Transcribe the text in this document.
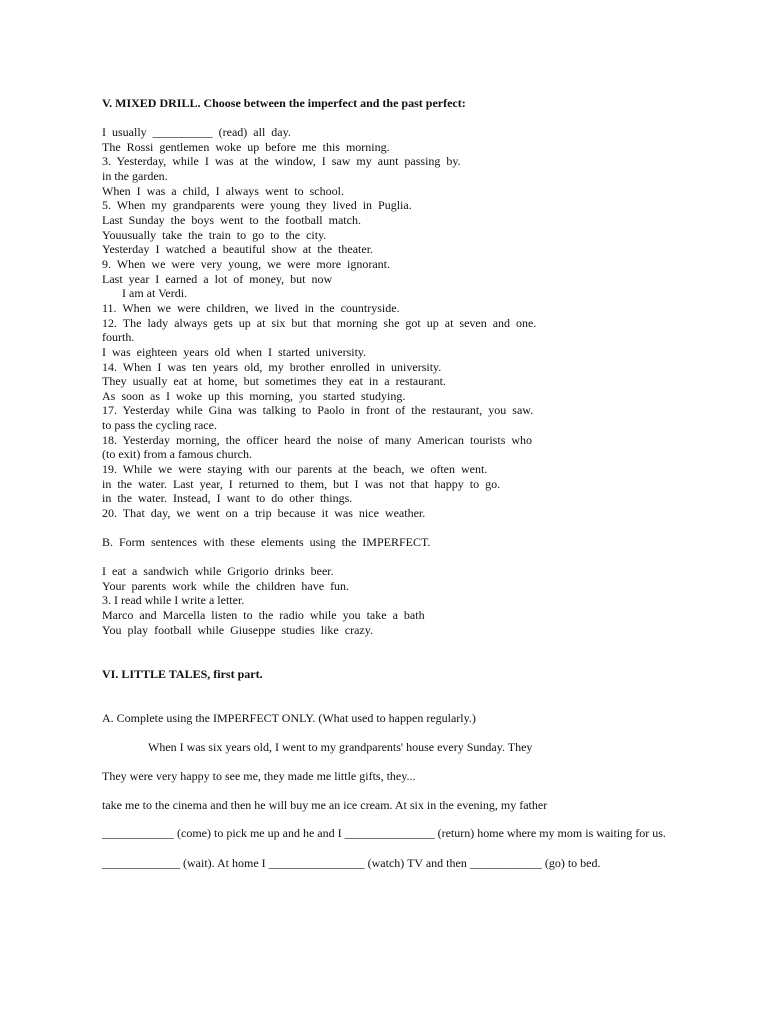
V. MIXED DRILL. Choose between the imperfect and the past perfect:
I usually __________ (read) all day.
The Rossi gentlemen woke up before me this morning.
3. Yesterday, while I was at the window, I saw my aunt passing by.
in the garden.
When I was a child, I always went to school.
5. When my grandparents were young they lived in Puglia.
Last Sunday the boys went to the football match.
Youusually take the train to go to the city.
Yesterday I watched a beautiful show at the theater.
9. When we were very young, we were more ignorant.
Last year I earned a lot of money, but now
I am at Verdi.
11. When we were children, we lived in the countryside.
12. The lady always gets up at six but that morning she got up at seven and one.
fourth.
I was eighteen years old when I started university.
14. When I was ten years old, my brother enrolled in university.
They usually eat at home, but sometimes they eat in a restaurant.
As soon as I woke up this morning, you started studying.
17. Yesterday while Gina was talking to Paolo in front of the restaurant, you saw.
to pass the cycling race.
18. Yesterday morning, the officer heard the noise of many American tourists who
(to exit) from a famous church.
19. While we were staying with our parents at the beach, we often went.
in the water. Last year, I returned to them, but I was not that happy to go.
in the water. Instead, I want to do other things.
20. That day, we went on a trip because it was nice weather.
B. Form sentences with these elements using the IMPERFECT.
I eat a sandwich while Grigorio drinks beer.
Your parents work while the children have fun.
3. I read while I write a letter.
Marco and Marcella listen to the radio while you take a bath
You play football while Giuseppe studies like crazy.
VI. LITTLE TALES, first part.
A. Complete using the IMPERFECT ONLY. (What used to happen regularly.)
When I was six years old, I went to my grandparents' house every Sunday. They
They were very happy to see me, they made me little gifts, they...
take me to the cinema and then he will buy me an ice cream. At six in the evening, my father
____________ (come) to pick me up and he and I _______________ (return) home where my mom is waiting for us.
_____________ (wait). At home I ________________ (watch) TV and then ____________ (go) to bed.
